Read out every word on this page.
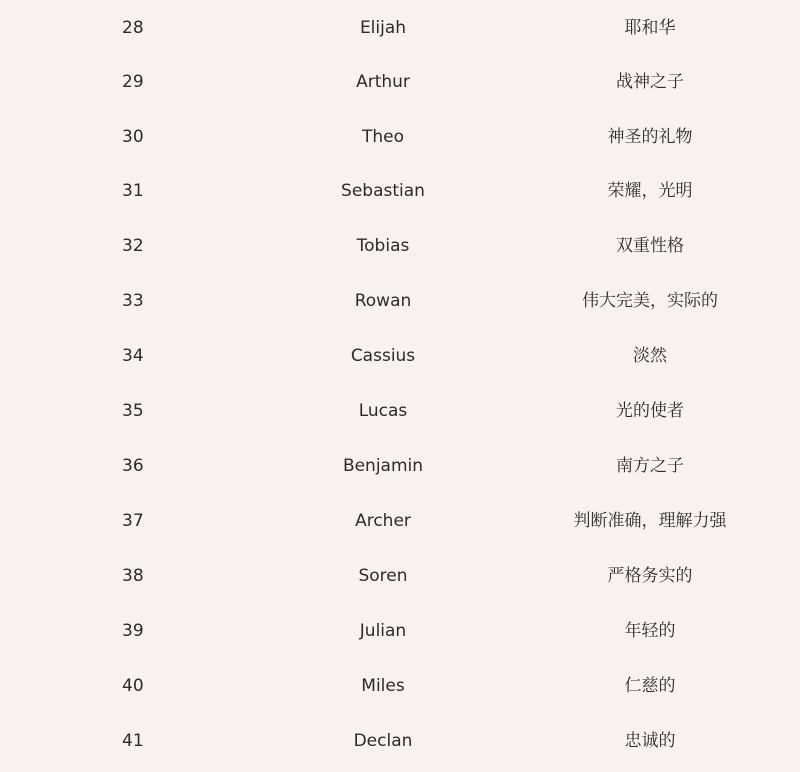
28	Elijah	耶和华
29	Arthur	战神之子
30	Theo	神圣的礼物
31	Sebastian	荣耀，光明
32	Tobias	双重性格
33	Rowan	伟大完美，实际的
34	Cassius	淡然
35	Lucas	光的使者
36	Benjamin	南方之子
37	Archer	判断准确，理解力强
38	Soren	严格务实的
39	Julian	年轻的
40	Miles	仁慈的
41	Declan	忠诚的
